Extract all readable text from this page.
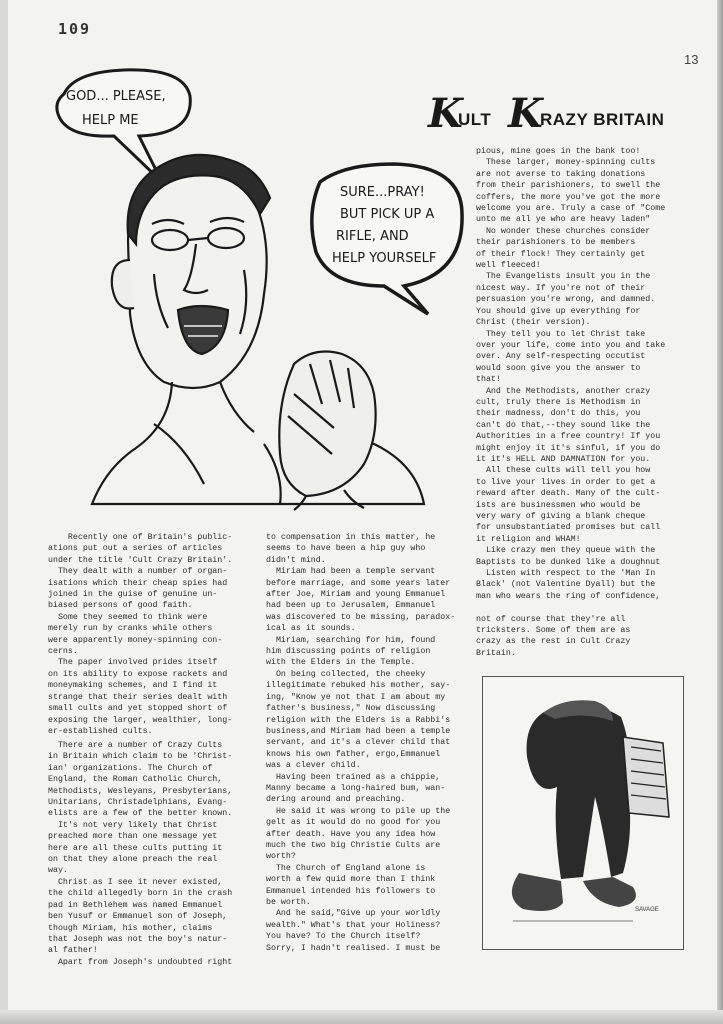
109
13
K
ULT K
RAZY BRITAIN
GOD... PLEASE,
HELP ME
SURE...PRAY!
BUT PICK UP A
RIFLE, AND
HELP YOURSELF
Recently one of Britain's public-
ations put out a series of articles
under the title 'Cult Crazy Britain'.
They dealt with a number of organ-
isations which their cheap spies had
joined in the guise of genuine un-
biased persons of good faith.
Some they seemed to think were
merely run by cranks while others
were apparently money-spinning con-
cerns.
The paper involved prides itself
on its ability to expose rackets and
moneymaking schemes, and I find it
strange that their series dealt with
small cults and yet stopped short of
exposing the larger, wealthier, long-
er-established cults.
There are a number of Crazy Cults
in Britain which claim to be 'Christ-
ian' organizations. The Church of
England, the Roman Catholic Church,
Methodists, Wesleyans, Presbyterians,
Unitarians, Christadelphians, Evang-
elists are a few of the better known.
It's not very likely that Christ
preached more than one message yet
here are all these cults putting it
on that they alone preach the real
way.
Christ as I see it never existed,
the child allegedly born in the crash
pad in Bethlehem was named Emmanuel
ben Yusuf or Emmanuel son of Joseph,
though Miriam, his mother, claims
that Joseph was not the boy's natur-
al father!
Apart from Joseph's undoubted right
to compensation in this matter, he
seems to have been a hip guy who
didn't mind.
Miriam had been a temple servant
before marriage, and some years later
after Joe, Miriam and young Emmanuel
had been up to Jerusalem, Emmanuel
was discovered to be missing, paradox-
ical as it sounds.
Miriam, searching for him, found
him discussing points of religion
with the Elders in the Temple.
On being collected, the cheeky
illegitimate rebuked his mother, say-
ing, "Know ye not that I am about my
father's business," Now discussing
religion with the Elders is a Rabbi's
business,and Miriam had been a temple
servant, and it's a clever child that
knows his own father, ergo,Emmanuel
was a clever child.
Having been trained as a chippie,
Manny became a long-haired bum, wan-
dering around and preaching.
He said it was wrong to pile up the
gelt as it would do no good for you
after death. Have you any idea how
much the two big Christie Cults are
worth?
The Church of England alone is
worth a few quid more than I think
Emmanuel intended his followers to
be worth.
And he said,"Give up your worldly
wealth." What's that your Holiness?
You have? To the Church itself?
Sorry, I hadn't realised. I must be
pious, mine goes in the bank too!
These larger, money-spinning cults
are not averse to taking donations
from their parishioners, to swell the
coffers, the more you've got the more
welcome you are. Truly a case of "Come
unto me all ye who are heavy laden"
No wonder these churches consider
their parishioners to be members
of their flock! They certainly get
well fleeced!
The Evangelists insult you in the
nicest way. If you're not of their
persuasion you're wrong, and damned.
You should give up everything for
Christ (their version).
They tell you to let Christ take
over your life, come into you and take
over. Any self-respecting occutist
would soon give you the answer to
that!
And the Methodists, another crazy
cult, truly there is Methodism in
their madness, don't do this, you
can't do that,--they sound like the
Authorities in a free country! If you
might enjoy it it's sinful, if you do
it it's HELL AND DAMNATION for you.
All these cults will tell you how
to live your lives in order to get a
reward after death. Many of the cult-
ists are businessmen who would be
very wary of giving a blank cheque
for unsubstantiated promises but call
it religion and WHAM!
Like crazy men they queue with the
Baptists to be dunked like a doughnut
Listen with respect to the 'Man In
Black' (not Valentine Dyall) but the
man who wears the ring of confidence,

not of course that they're all
tricksters. Some of them are as
crazy as the rest in Cult Crazy
Britain.
SAVAGE
